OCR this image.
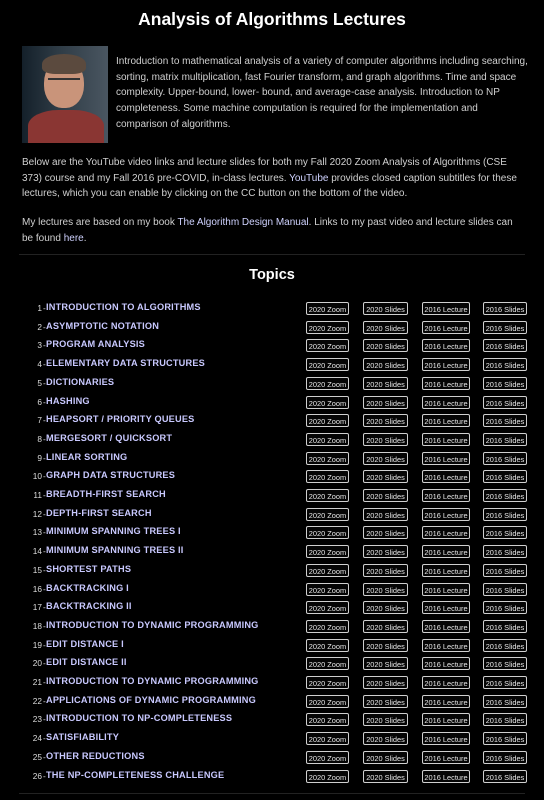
Analysis of Algorithms Lectures

Introduction to mathematical analysis of a variety of computer algorithms including searching, sorting, matrix multiplication, fast Fourier transform, and graph algorithms. Time and space complexity. Upper-bound, lower- bound, and average-case analysis. Introduction to NP completeness. Some machine computation is required for the implementation and comparison of algorithms.

Below are the YouTube video links and lecture slides for both my Fall 2020 Zoom Analysis of Algorithms (CSE 373) course and my Fall 2016 pre-COVID, in-class lectures. YouTube provides closed caption subtitles for these lectures, which you can enable by clicking on the CC button on the bottom of the video.

My lectures are based on my book The Algorithm Design Manual. Links to my past video and lecture slides can be found here.

Topics
1 - INTRODUCTION TO ALGORITHMS	2020 Zoom	2020 Slides	2016 Lecture	2016 Slides
2 - ASYMPTOTIC NOTATION	2020 Zoom	2020 Slides	2016 Lecture	2016 Slides
3 - PROGRAM ANALYSIS	2020 Zoom	2020 Slides	2016 Lecture	2016 Slides
4 - ELEMENTARY DATA STRUCTURES	2020 Zoom	2020 Slides	2016 Lecture	2016 Slides
5 - DICTIONARIES	2020 Zoom	2020 Slides	2016 Lecture	2016 Slides
6 - HASHING	2020 Zoom	2020 Slides	2016 Lecture	2016 Slides
7 - HEAPSORT / PRIORITY QUEUES	2020 Zoom	2020 Slides	2016 Lecture	2016 Slides
8 - MERGESORT / QUICKSORT	2020 Zoom	2020 Slides	2016 Lecture	2016 Slides
9 - LINEAR SORTING	2020 Zoom	2020 Slides	2016 Lecture	2016 Slides
10 - GRAPH DATA STRUCTURES	2020 Zoom	2020 Slides	2016 Lecture	2016 Slides
11 - BREADTH-FIRST SEARCH	2020 Zoom	2020 Slides	2016 Lecture	2016 Slides
12 - DEPTH-FIRST SEARCH	2020 Zoom	2020 Slides	2016 Lecture	2016 Slides
13 - MINIMUM SPANNING TREES I	2020 Zoom	2020 Slides	2016 Lecture	2016 Slides
14 - MINIMUM SPANNING TREES II	2020 Zoom	2020 Slides	2016 Lecture	2016 Slides
15 - SHORTEST PATHS	2020 Zoom	2020 Slides	2016 Lecture	2016 Slides
16 - BACKTRACKING I	2020 Zoom	2020 Slides	2016 Lecture	2016 Slides
17 - BACKTRACKING II	2020 Zoom	2020 Slides	2016 Lecture	2016 Slides
18 - INTRODUCTION TO DYNAMIC PROGRAMMING	2020 Zoom	2020 Slides	2016 Lecture	2016 Slides
19 - EDIT DISTANCE I	2020 Zoom	2020 Slides	2016 Lecture	2016 Slides
20 - EDIT DISTANCE II	2020 Zoom	2020 Slides	2016 Lecture	2016 Slides
21 - INTRODUCTION TO DYNAMIC PROGRAMMING	2020 Zoom	2020 Slides	2016 Lecture	2016 Slides
22 - APPLICATIONS OF DYNAMIC PROGRAMMING	2020 Zoom	2020 Slides	2016 Lecture	2016 Slides
23 - INTRODUCTION TO NP-COMPLETENESS	2020 Zoom	2020 Slides	2016 Lecture	2016 Slides
24 - SATISFIABILITY	2020 Zoom	2020 Slides	2016 Lecture	2016 Slides
25 - OTHER REDUCTIONS	2020 Zoom	2020 Slides	2016 Lecture	2016 Slides
26 - THE NP-COMPLETENESS CHALLENGE	2020 Zoom	2020 Slides	2016 Lecture	2016 Slides
